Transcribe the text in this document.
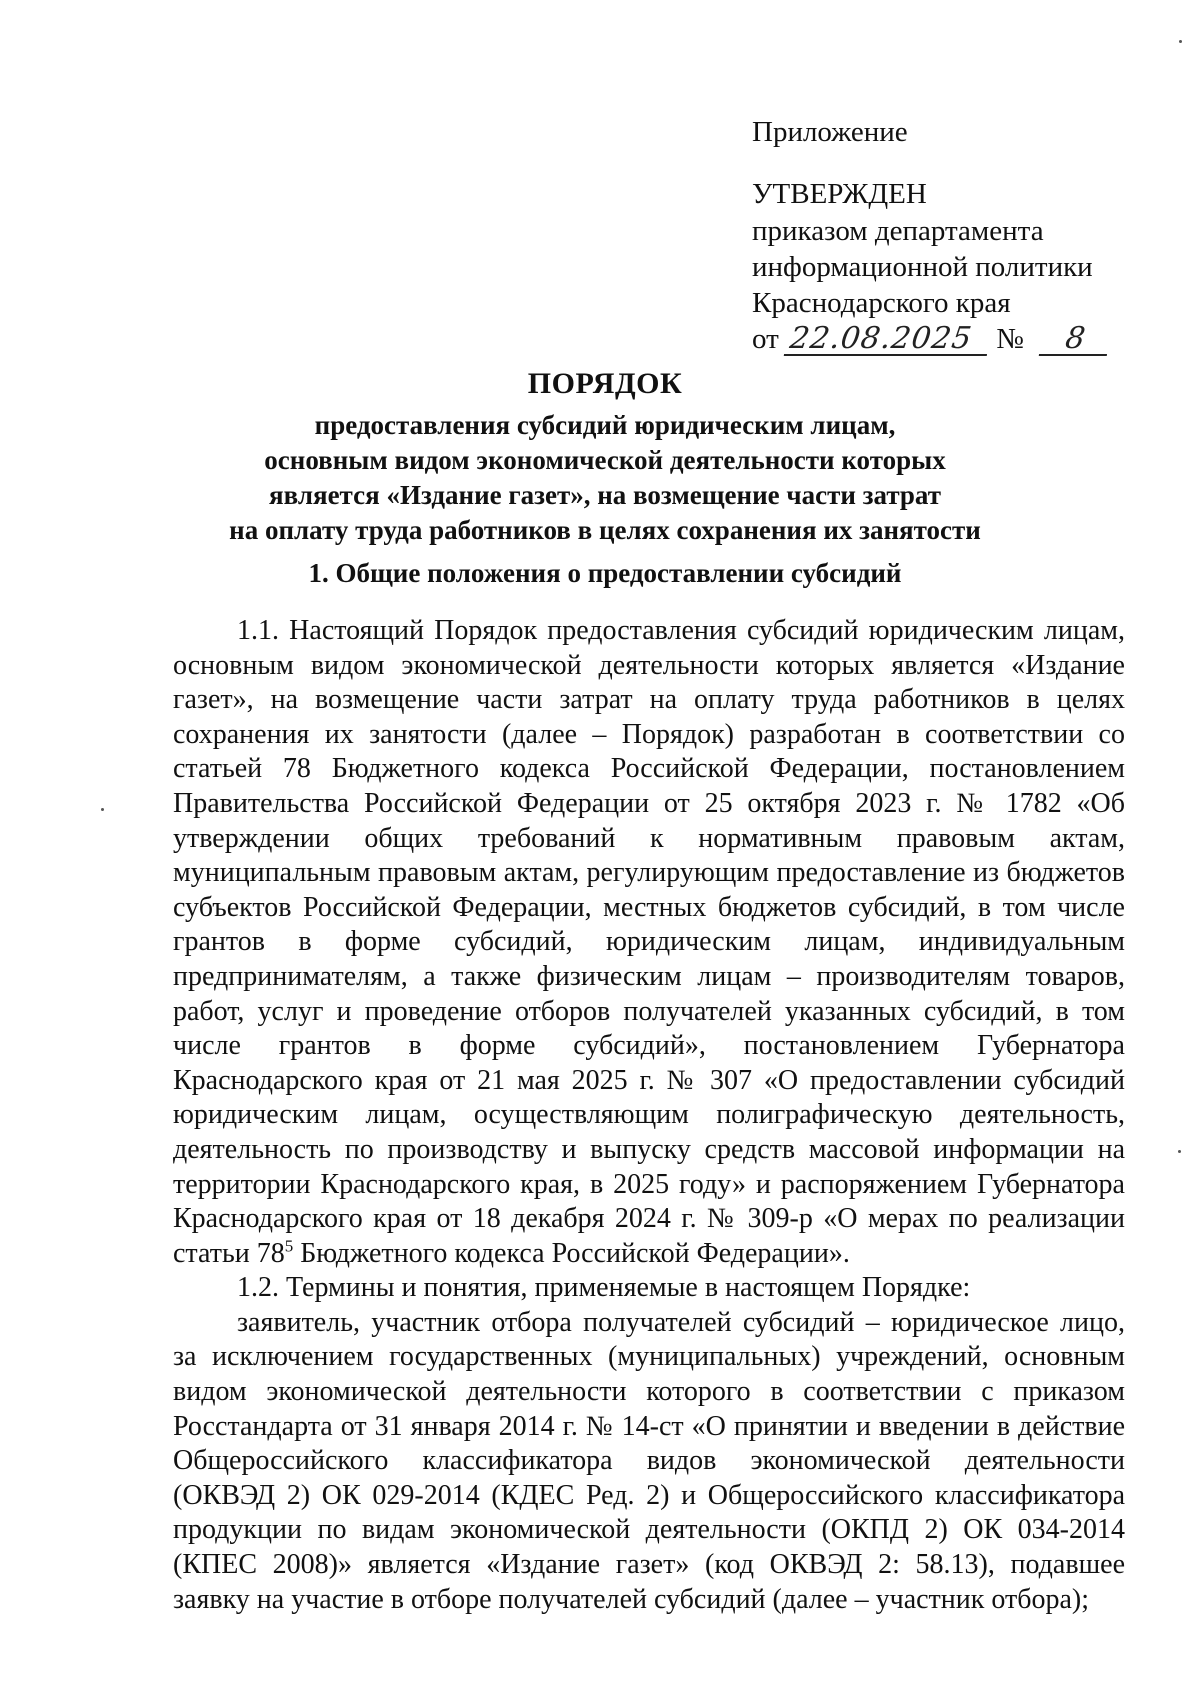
Приложение

УТВЕРЖДЕН

приказом департамента

информационной политики

Краснодарского края

от 22.08.2025 № 8

ПОРЯДОК

предоставления субсидий юридическим лицам,

основным видом экономической деятельности которых

является «Издание газет», на возмещение части затрат

на оплату труда работников в целях сохранения их занятости

1. Общие положения о предоставлении субсидий

1.1. Настоящий Порядок предоставления субсидий юридическим лицам, основным видом экономической деятельности которых является «Издание газет», на возмещение части затрат на оплату труда работников в целях сохранения их занятости (далее – Порядок) разработан в соответствии со статьей 78 Бюджетного кодекса Российской Федерации, постановлением Правительства Российской Федерации от 25 октября 2023 г. № 1782 «Об утверждении общих требований к нормативным правовым актам, муниципальным правовым актам, регулирующим предоставление из бюджетов субъектов Российской Федерации, местных бюджетов субсидий, в том числе грантов в форме субсидий, юридическим лицам, индивидуальным предпринимателям, а также физическим лицам – производителям товаров, работ, услуг и проведение отборов получателей указанных субсидий, в том числе грантов в форме субсидий», постановлением Губернатора Краснодарского края от 21 мая 2025 г. № 307 «О предоставлении субсидий юридическим лицам, осуществляющим полиграфическую деятельность, деятельность по производству и выпуску средств массовой информации на территории Краснодарского края, в 2025 году» и распоряжением Губернатора Краснодарского края от 18 декабря 2024 г. № 309-р «О мерах по реализации статьи $78^5$ Бюджетного кодекса Российской Федерации».

1.2. Термины и понятия, применяемые в настоящем Порядке:

заявитель, участник отбора получателей субсидий – юридическое лицо, за исключением государственных (муниципальных) учреждений, основным видом экономической деятельности которого в соответствии с приказом Росстандарта от 31 января 2014 г. № 14-ст «О принятии и введении в действие Общероссийского классификатора видов экономической деятельности (ОКВЭД 2) ОК 029-2014 (КДЕС Ред. 2) и Общероссийского классификатора продукции по видам экономической деятельности (ОКПД 2) ОК 034-2014 (КПЕС 2008)» является «Издание газет» (код ОКВЭД 2: 58.13), подавшее заявку на участие в отборе получателей субсидий (далее – участник отбора);
